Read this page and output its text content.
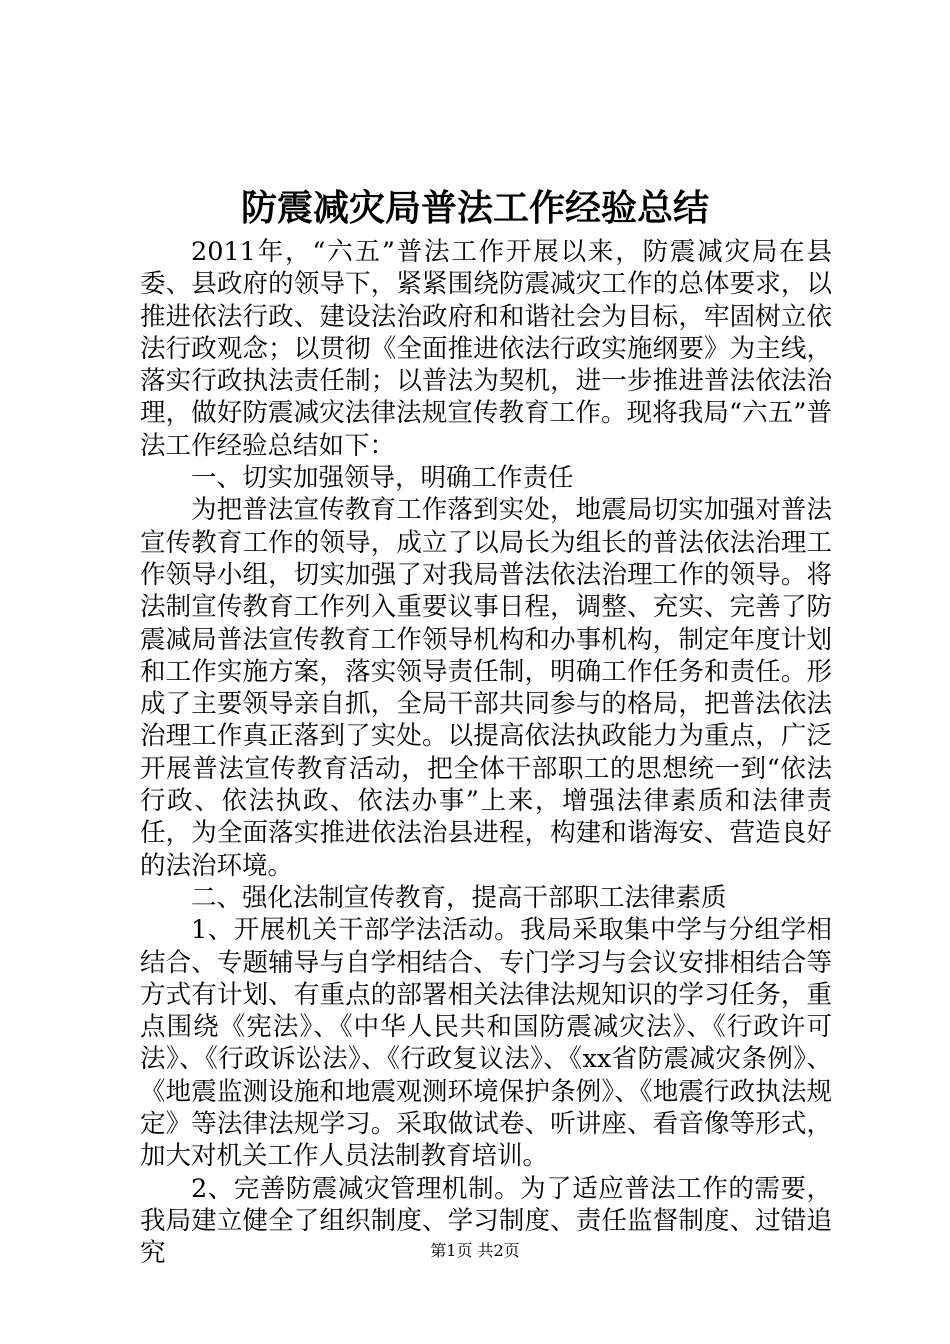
防震减灾局普法工作经验总结

2011年，“六五”普法工作开展以来，防震减灾局在县委、县政府的领导下，紧紧围绕防震减灾工作的总体要求，以推进依法行政、建设法治政府和和谐社会为目标，牢固树立依法行政观念；以贯彻《全面推进依法行政实施纲要》为主线，落实行政执法责任制；以普法为契机，进一步推进普法依法治理，做好防震减灾法律法规宣传教育工作。现将我局“六五”普法工作经验总结如下：

一、切实加强领导，明确工作责任

为把普法宣传教育工作落到实处，地震局切实加强对普法宣传教育工作的领导，成立了以局长为组长的普法依法治理工作领导小组，切实加强了对我局普法依法治理工作的领导。将法制宣传教育工作列入重要议事日程，调整、充实、完善了防震减局普法宣传教育工作领导机构和办事机构，制定年度计划和工作实施方案，落实领导责任制，明确工作任务和责任。形成了主要领导亲自抓，全局干部共同参与的格局，把普法依法治理工作真正落到了实处。以提高依法执政能力为重点，广泛开展普法宣传教育活动，把全体干部职工的思想统一到“依法行政、依法执政、依法办事”上来，增强法律素质和法律责任，为全面落实推进依法治县进程，构建和谐海安、营造良好的法治环境。

二、强化法制宣传教育，提高干部职工法律素质

1、开展机关干部学法活动。我局采取集中学与分组学相结合、专题辅导与自学相结合、专门学习与会议安排相结合等方式有计划、有重点的部署相关法律法规知识的学习任务，重点围绕《宪法》、《中华人民共和国防震减灾法》、《行政许可法》、《行政诉讼法》、《行政复议法》、《xx省防震减灾条例》、《地震监测设施和地震观测环境保护条例》、《地震行政执法规定》等法律法规学习。采取做试卷、听讲座、看音像等形式，加大对机关工作人员法制教育培训。

2、完善防震减灾管理机制。为了适应普法工作的需要，我局建立健全了组织制度、学习制度、责任监督制度、过错追究	第1页 共2页
